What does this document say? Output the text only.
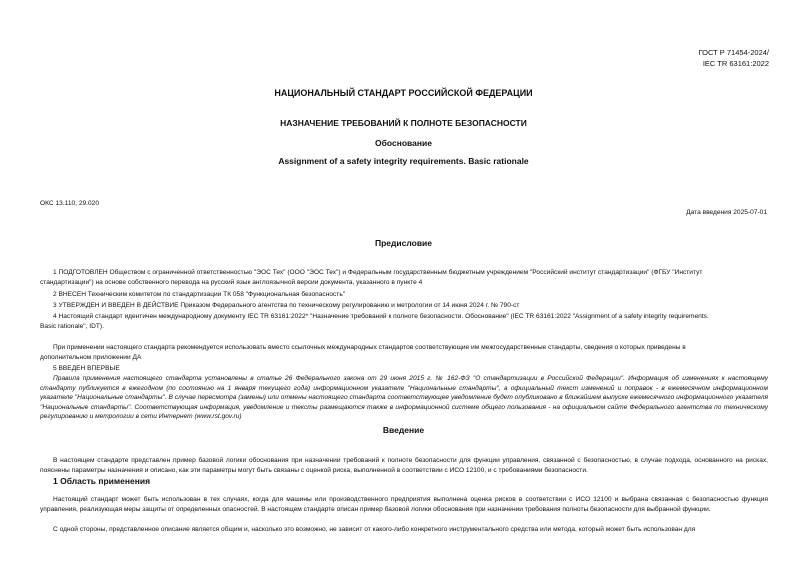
ГОСТ Р 71454-2024/
IEC TR 63161:2022
НАЦИОНАЛЬНЫЙ СТАНДАРТ РОССИЙСКОЙ ФЕДЕРАЦИИ
НАЗНАЧЕНИЕ ТРЕБОВАНИЙ К ПОЛНОТЕ БЕЗОПАСНОСТИ
Обоснование
Assignment of a safety integrity requirements. Basic rationale
ОКС 13.110, 29.020
Дата введения 2025-07-01
Предисловие
1 ПОДГОТОВЛЕН Обществом с ограниченной ответственностью "ЭОС Тех" (ООО "ЭОС Тех") и Федеральным государственным бюджетным учреждением "Российский институт стандартизации" (ФГБУ "Институт
стандартизации") на основе собственного перевода на русский язык англоязычной версии документа, указанного в пункте 4
2 ВНЕСЕН Техническим комитетом по стандартизации ТК 058 "Функциональная безопасность"
3 УТВЕРЖДЕН И ВВЕДЕН В ДЕЙСТВИЕ Приказом Федерального агентства по техническому регулированию и метрологии от 14 июня 2024 г. № 790-ст
4 Настоящий стандарт идентичен международному документу IEC TR 63161:2022* "Назначение требований к полноте безопасности. Обоснование" (IEC TR 63161:2022 "Assignment of a safety integrity requirements.
Basic rationale", IDT).
При применении настоящего стандарта рекомендуется использовать вместо ссылочных международных стандартов соответствующие им межгосударственные стандарты, сведения о которых приведены в
дополнительном приложении ДА
5 ВВЕДЕН ВПЕРВЫЕ
Правила применения настоящего стандарта установлены в статье 26 Федерального закона от 29 июня 2015 г. № 162-ФЗ "О стандартизации в Российской Федерации". Информация об изменениях к настоящему стандарту публикуется в ежегодном (по состоянию на 1 января текущего года) информационном указателе "Национальные стандарты", а официальный текст изменений и поправок - в ежемесячном информационном указателе "Национальные стандарты". В случае пересмотра (замены) или отмены настоящего стандарта соответствующее уведомление будет опубликовано в ближайшем выпуске ежемесячного информационного указателя "Национальные стандарты". Соответствующая информация, уведомление и тексты размещаются также в информационной системе общего пользования - на официальном сайте Федерального агентства по техническому регулированию и метрологии в сети Интернет (www.rst.gov.ru)
Введение
В настоящем стандарте представлен пример базовой логики обоснования при назначении требований к полноте безопасности для функции управления, связанной с безопасностью, в случае подхода, основанного на рисках, пояснены параметры назначения и описано, как эти параметры могут быть связаны с оценкой риска, выполненной в соответствии с ИСО 12100, и с требованиями безопасности.
1 Область применения
Настоящий стандарт может быть использован в тех случаях, когда для машины или производственного предприятия выполнена оценка рисков в соответствии с ИСО 12100 и выбрана связанная с безопасностью функция управления, реализующая меры защиты от определенных опасностей. В настоящем стандарте описан пример базовой логики обоснования при назначении требования полноты безопасности для выбранной функции.
С одной стороны, представленное описание является общим и, насколько это возможно, не зависит от какого-либо конкретного инструментального средства или метода, который может быть использован для
